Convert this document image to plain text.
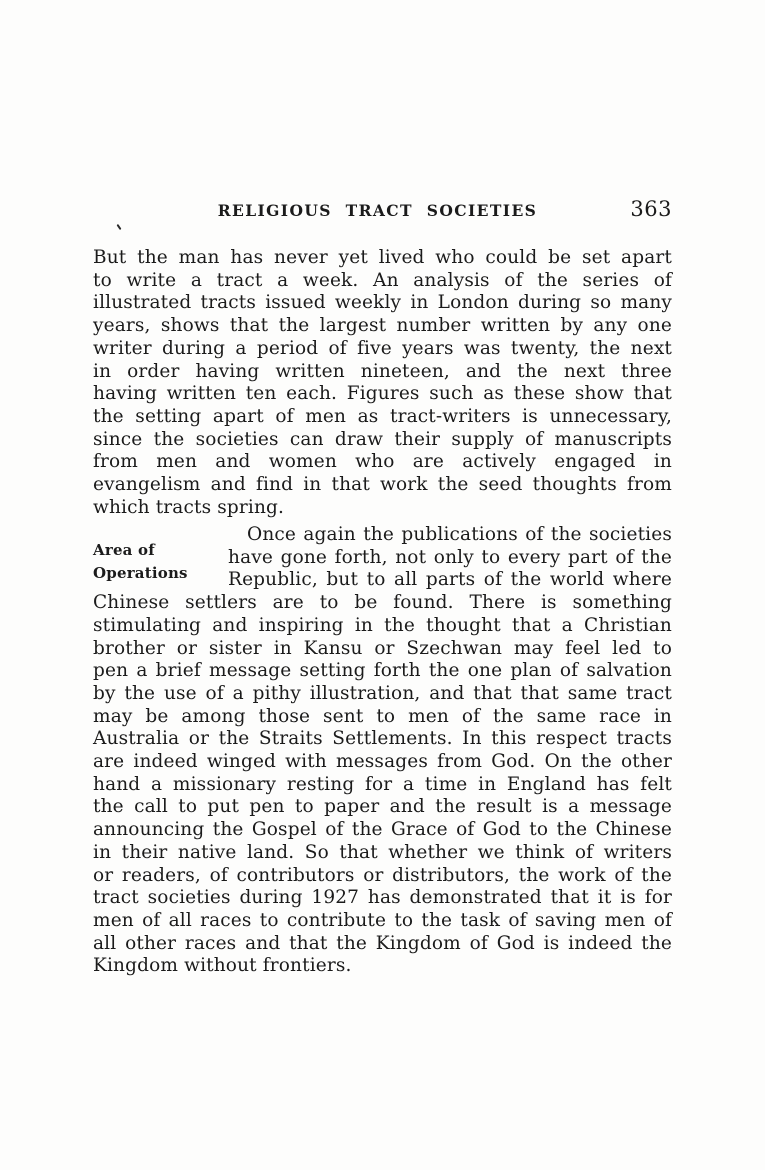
RELIGIOUS TRACT SOCIETIES	363
But the man has never yet lived who could be set apart
to write a tract a week. An analysis of the series of
illustrated tracts issued weekly in London during so many
years, shows that the largest number written by any one
writer during a period of five years was twenty, the next
in order having written nineteen, and the next three
having written ten each. Figures such as these show that
the setting apart of men as tract-writers is unnecessary,
since the societies can draw their supply of manuscripts
from men and women who are actively engaged in
evangelism and find in that work the seed thoughts from
which tracts spring.
Area of
Operations
Once again the publications of the societies
have gone forth, not only to every part of the
Republic, but to all parts of the world where
Chinese settlers are to be found. There is something
stimulating and inspiring in the thought that a Christian
brother or sister in Kansu or Szechwan may feel led to
pen a brief message setting forth the one plan of salvation
by the use of a pithy illustration, and that that same tract
may be among those sent to men of the same race in
Australia or the Straits Settlements. In this respect tracts
are indeed winged with messages from God. On the other
hand a missionary resting for a time in England has felt
the call to put pen to paper and the result is a message
announcing the Gospel of the Grace of God to the Chinese
in their native land. So that whether we think of writers
or readers, of contributors or distributors, the work of the
tract societies during 1927 has demonstrated that it is for
men of all races to contribute to the task of saving men of
all other races and that the Kingdom of God is indeed the
Kingdom without frontiers.
